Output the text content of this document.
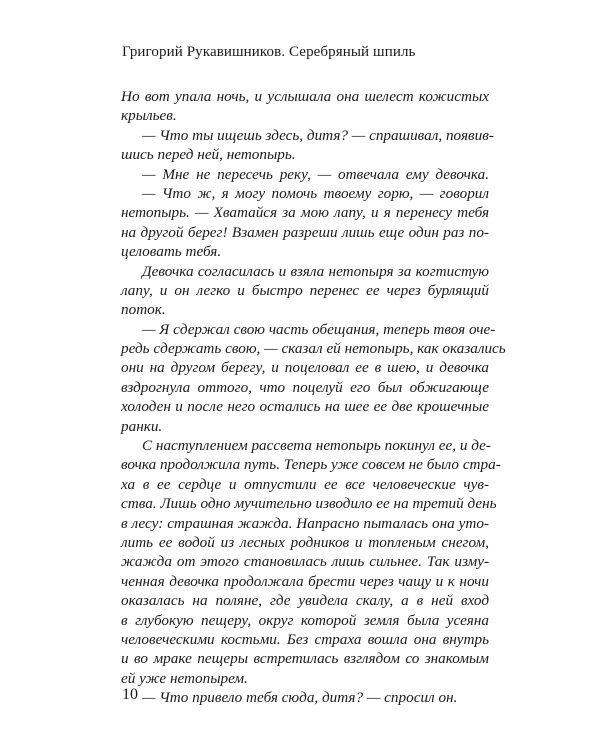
Григорий Рукавишников. Серебряный шпиль
Но вот упала ночь, и услышала она шелест кожистых
крыльев.
— Что ты ищешь здесь, дитя? — спрашивал, появив-
шись перед ней, нетопырь.
— Мне не пересечь реку, — отвечала ему девочка.
— Что ж, я могу помочь твоему горю, — говорил
нетопырь. — Хватайся за мою лапу, и я перенесу тебя
на другой берег! Взамен разреши лишь еще один раз по-
целовать тебя.
Девочка согласилась и взяла нетопыря за когтистую
лапу, и он легко и быстро перенес ее через бурлящий
поток.
— Я сдержал свою часть обещания, теперь твоя оче-
редь сдержать свою, — сказал ей нетопырь, как оказались
они на другом берегу, и поцеловал ее в шею, и девочка
вздрогнула оттого, что поцелуй его был обжигающе
холоден и после него остались на шее ее две крошечные
ранки.
С наступлением рассвета нетопырь покинул ее, и де-
вочка продолжила путь. Теперь уже совсем не было стра-
ха в ее сердце и отпустили ее все человеческие чув-
ства. Лишь одно мучительно изводило ее на третий день
в лесу: страшная жажда. Напрасно пыталась она уто-
лить ее водой из лесных родников и топленым снегом,
жажда от этого становилась лишь сильнее. Так изму-
ченная девочка продолжала брести через чащу и к ночи
оказалась на поляне, где увидела скалу, а в ней вход
в глубокую пещеру, округ которой земля была усеяна
человеческими костьми. Без страха вошла она внутрь
и во мраке пещеры встретилась взглядом со знакомым
ей уже нетопырем.
— Что привело тебя сюда, дитя? — спросил он.
10
